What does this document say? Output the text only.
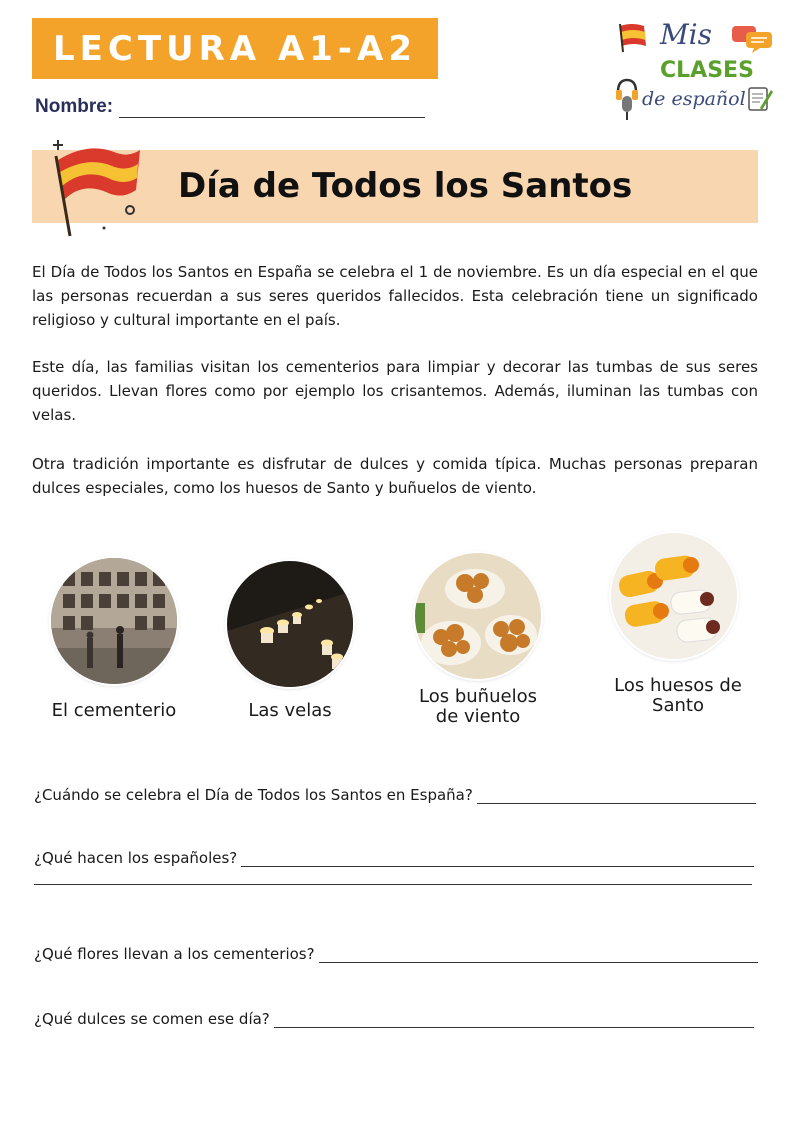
LECTURA A1-A2
Nombre:
Mis
CLASES
de español
Día de Todos los Santos

El Día de Todos los Santos en España se celebra el 1 de noviembre. Es un día especial en el que las personas recuerdan a sus seres queridos fallecidos. Esta celebración tiene un significado religioso y cultural importante en el país.

Este día, las familias visitan los cementerios para limpiar y decorar las tumbas de sus seres queridos. Llevan flores como por ejemplo los crisantemos. Además, iluminan las tumbas con velas.

Otra tradición importante es disfrutar de dulces y comida típica. Muchas personas preparan dulces especiales, como los huesos de Santo y buñuelos de viento.

El cementerio	Las velas
Los buñuelos
de viento
Los huesos de
Santo
¿Cuándo se celebra el Día de Todos los Santos en España?
¿Qué hacen los españoles?
¿Qué flores llevan a los cementerios?
¿Qué dulces se comen ese día?
